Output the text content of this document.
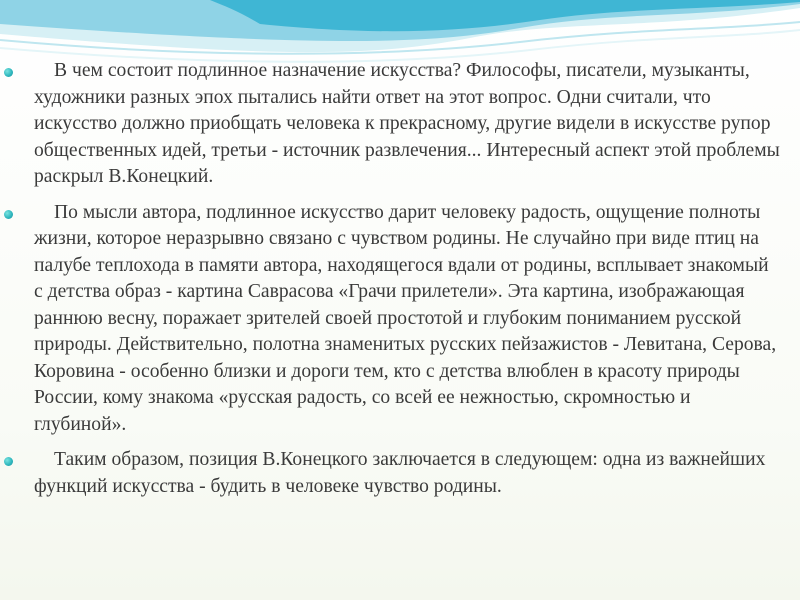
В чем состоит подлинное назначение искусства? Философы, писатели, музыканты, художники разных эпох пытались найти ответ на этот вопрос. Одни считали, что искусство должно приобщать человека к прекрасному, другие видели в искусстве рупор общественных идей, третьи - источник развлечения... Интересный аспект этой проблемы раскрыл В.Конецкий.

По мысли автора, подлинное искусство дарит человеку радость, ощущение полноты жизни, которое неразрывно связано с чувством родины. Не случайно при виде птиц на палубе теплохода в памяти автора, находящегося вдали от родины, всплывает знакомый с детства образ - картина Саврасова «Грачи прилетели». Эта картина, изображающая раннюю весну, поражает зрителей своей простотой и глубоким пониманием русской природы. Действительно, полотна знаменитых русских пейзажистов - Левитана, Серова, Коровина - особенно близки и дороги тем, кто с детства влюблен в красоту природы России, кому знакома «русская радость, со всей ее нежностью, скромностью и глубиной».

Таким образом, позиция В.Конецкого заключается в следующем: одна из важнейших функций искусства - будить в человеке чувство родины.
